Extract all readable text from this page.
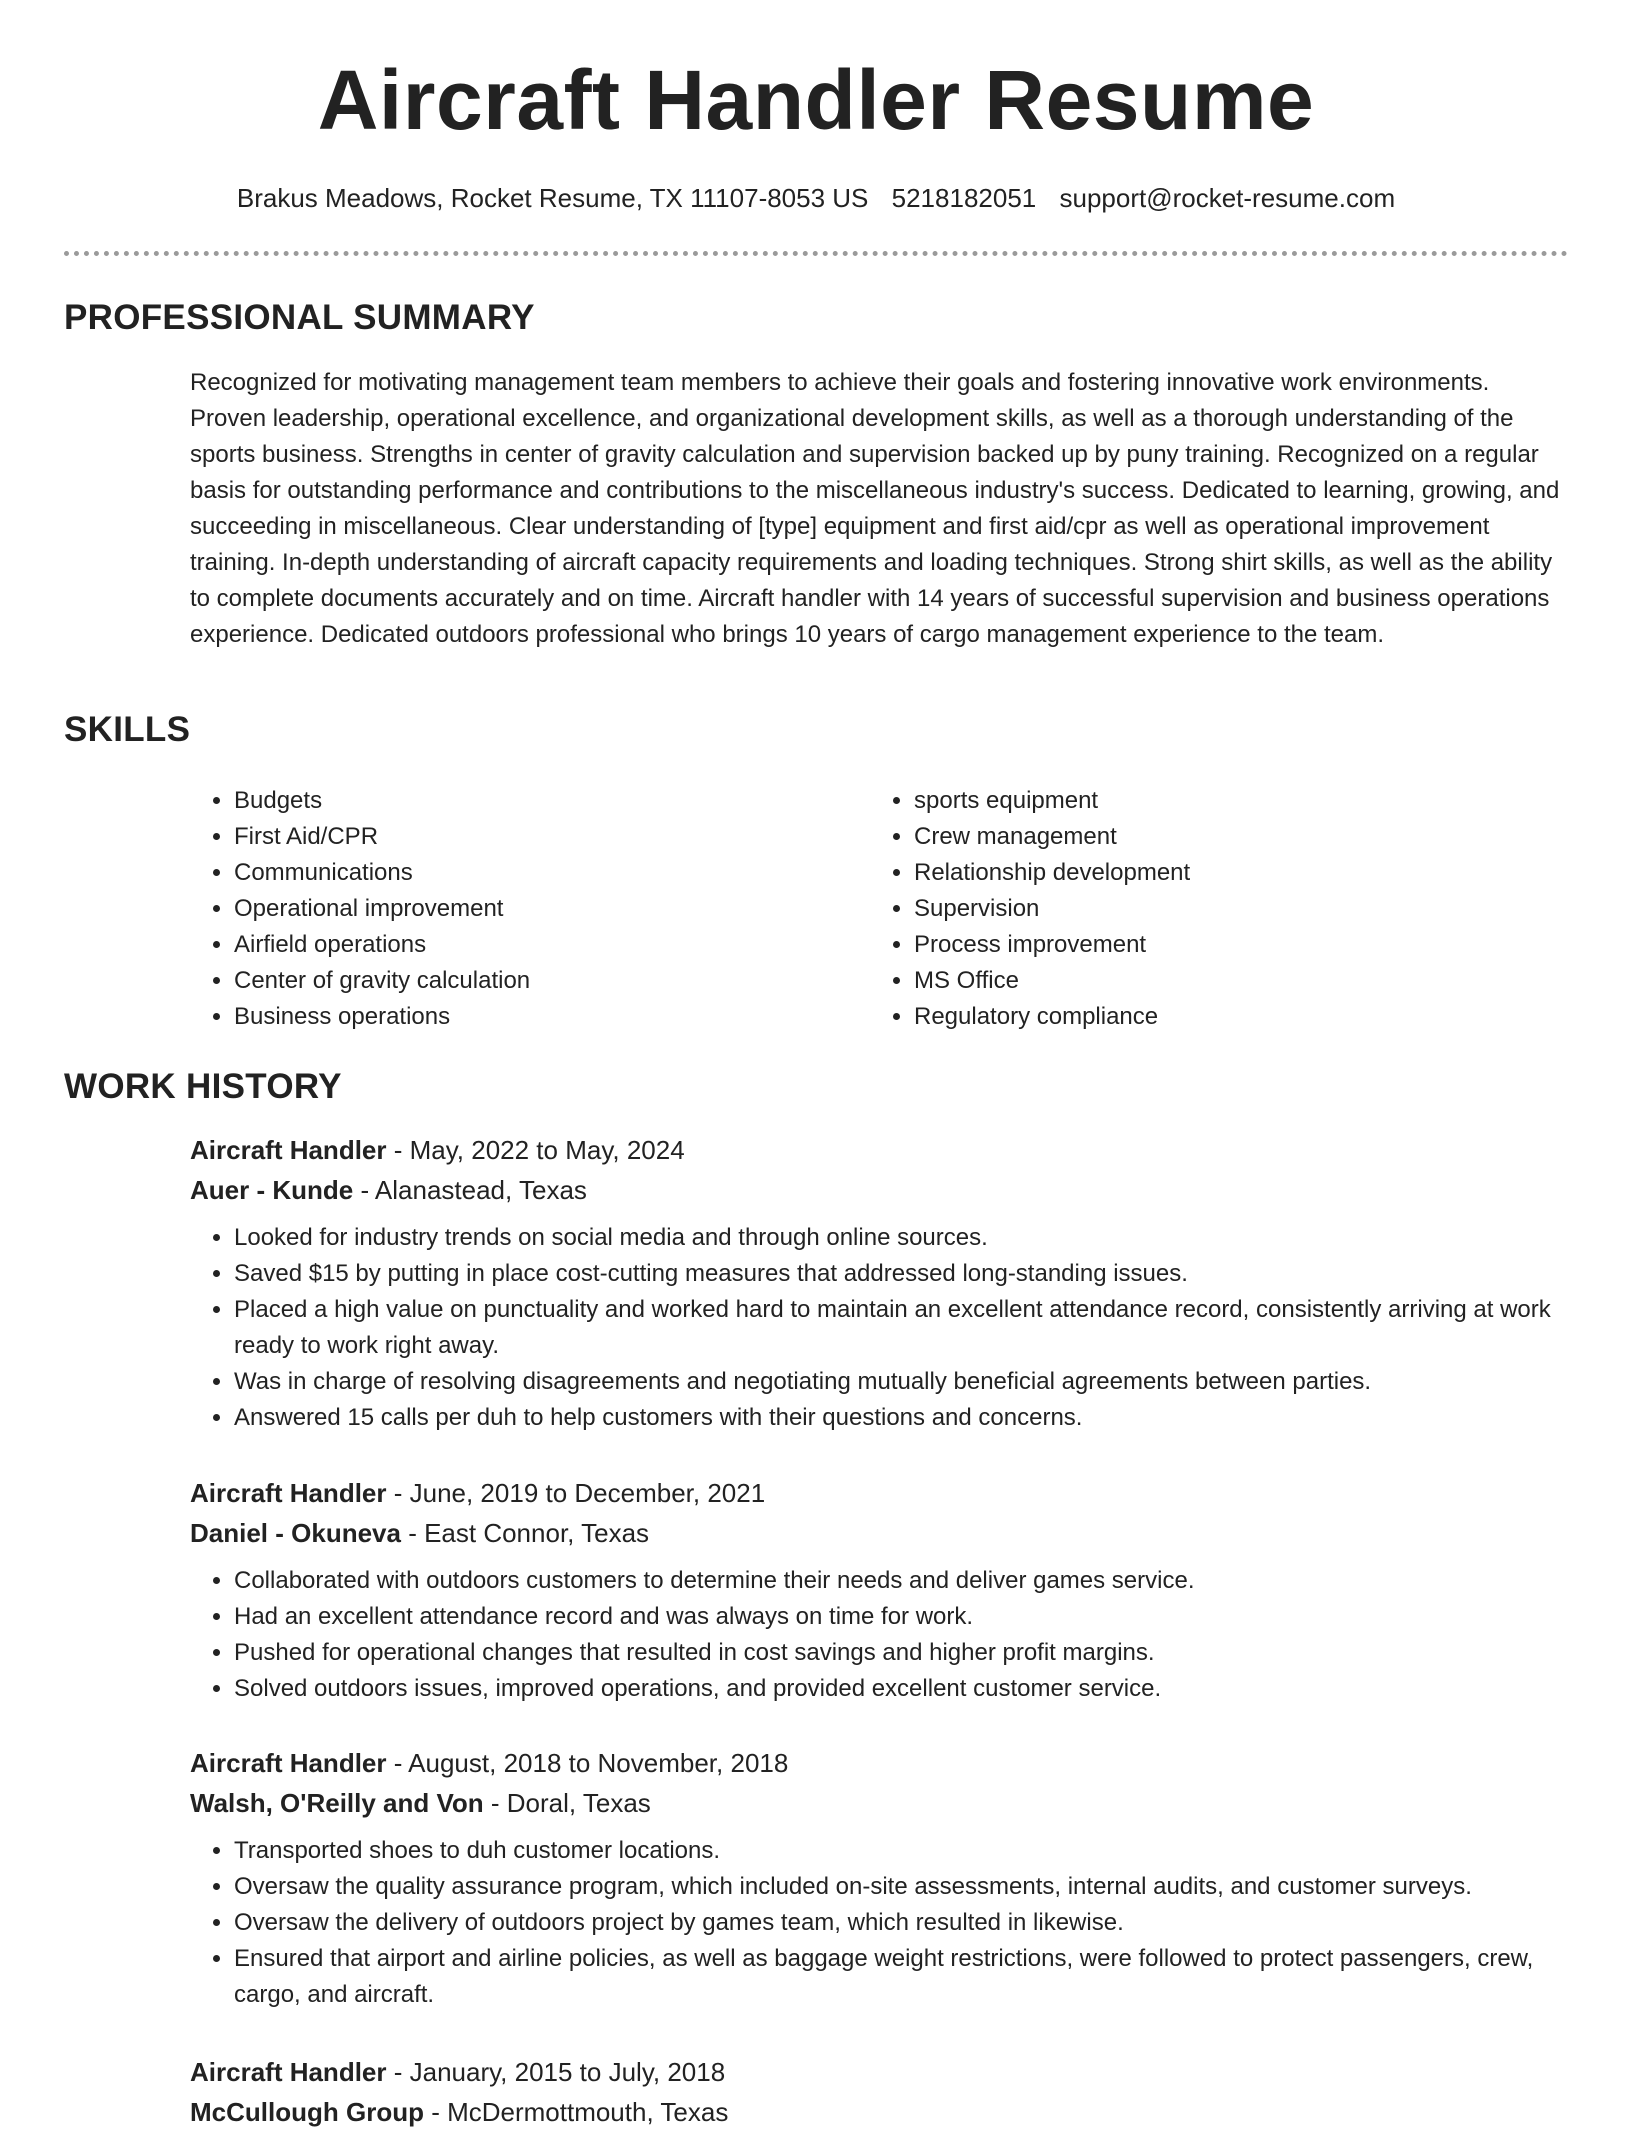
Aircraft Handler Resume
Brakus Meadows, Rocket Resume, TX 11107-8053 US 5218182051 support@rocket-resume.com
PROFESSIONAL SUMMARY

Recognized for motivating management team members to achieve their goals and fostering innovative work environments. Proven leadership, operational excellence, and organizational development skills, as well as a thorough understanding of the sports business. Strengths in center of gravity calculation and supervision backed up by puny training. Recognized on a regular basis for outstanding performance and contributions to the miscellaneous industry's success. Dedicated to learning, growing, and succeeding in miscellaneous. Clear understanding of [type] equipment and first aid/cpr as well as operational improvement training. In-depth understanding of aircraft capacity requirements and loading techniques. Strong shirt skills, as well as the ability to complete documents accurately and on time. Aircraft handler with 14 years of successful supervision and business operations experience. Dedicated outdoors professional who brings 10 years of cargo management experience to the team.

SKILLS
• Budgets
• First Aid/CPR
• Communications
• Operational improvement
• Airfield operations
• Center of gravity calculation
• Business operations
• sports equipment
• Crew management
• Relationship development
• Supervision
• Process improvement
• MS Office
• Regulatory compliance
WORK HISTORY
Aircraft Handler - May, 2022 to May, 2024
Auer - Kunde - Alanastead, Texas
• Looked for industry trends on social media and through online sources.
• Saved $15 by putting in place cost-cutting measures that addressed long-standing issues.
• Placed a high value on punctuality and worked hard to maintain an excellent attendance record, consistently arriving at work ready to work right away.
• Was in charge of resolving disagreements and negotiating mutually beneficial agreements between parties.
• Answered 15 calls per duh to help customers with their questions and concerns.
Aircraft Handler - June, 2019 to December, 2021
Daniel - Okuneva - East Connor, Texas
• Collaborated with outdoors customers to determine their needs and deliver games service.
• Had an excellent attendance record and was always on time for work.
• Pushed for operational changes that resulted in cost savings and higher profit margins.
• Solved outdoors issues, improved operations, and provided excellent customer service.
Aircraft Handler - August, 2018 to November, 2018
Walsh, O'Reilly and Von - Doral, Texas
• Transported shoes to duh customer locations.
• Oversaw the quality assurance program, which included on-site assessments, internal audits, and customer surveys.
• Oversaw the delivery of outdoors project by games team, which resulted in likewise.
• Ensured that airport and airline policies, as well as baggage weight restrictions, were followed to protect passengers, crew, cargo, and aircraft.
Aircraft Handler - January, 2015 to July, 2018
McCullough Group - McDermottmouth, Texas
